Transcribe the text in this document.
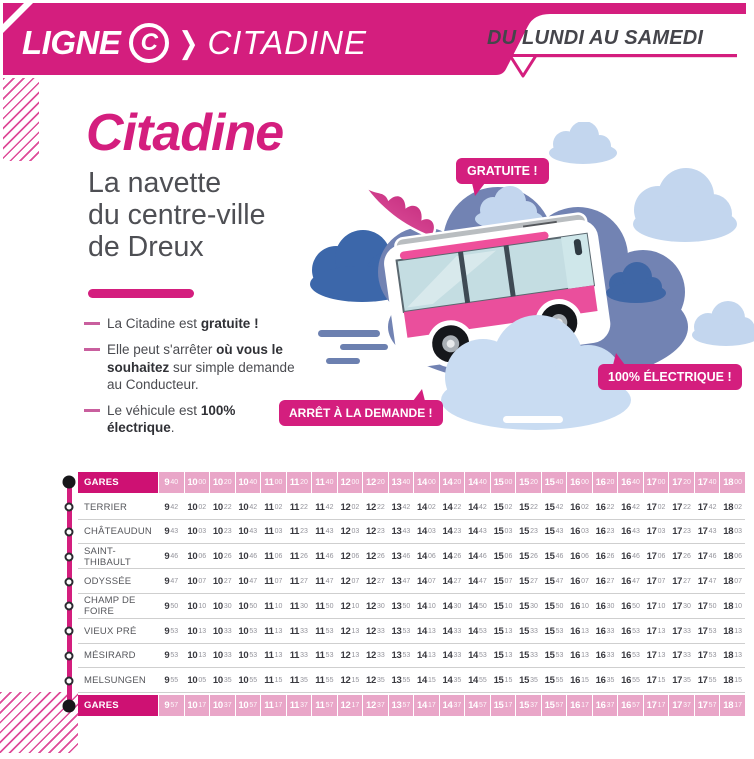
LIGNE C ❯ CITADINE	DU LUNDI AU SAMEDI
Citadine
La navette
du centre-ville
de Dreux
La Citadine est gratuite !
Elle peut s'arrêter où vous le souhaitez sur simple demande au Conducteur.
Le véhicule est 100% électrique.
GRATUITE !
ARRÊT À LA DEMANDE !
100% ÉLECTRIQUE !
GARES	9 40 10 00 10 20 10 40 11 00 11 20 11 40 12 00 12 20 13 40 14 00 14 20 14 40 15 00 15 20 15 40 16 00 16 20 16 40 17 00 17 20 17 40 18 00
TERRIER	9 42 10 02 10 22 10 42 11 02 11 22 11 42 12 02 12 22 13 42 14 02 14 22 14 42 15 02 15 22 15 42 16 02 16 22 16 42 17 02 17 22 17 42 18 02
CHÂTEAUDUN	9 43 10 03 10 23 10 43 11 03 11 23 11 43 12 03 12 23 13 43 14 03 14 23 14 43 15 03 15 23 15 43 16 03 16 23 16 43 17 03 17 23 17 43 18 03
SAINT-THIBAULT	9 46 10 06 10 26 10 46 11 06 11 26 11 46 12 06 12 26 13 46 14 06 14 26 14 46 15 06 15 26 15 46 16 06 16 26 16 46 17 06 17 26 17 46 18 06
ODYSSÉE	9 47 10 07 10 27 10 47 11 07 11 27 11 47 12 07 12 27 13 47 14 07 14 27 14 47 15 07 15 27 15 47 16 07 16 27 16 47 17 07 17 27 17 47 18 07
CHAMP DE FOIRE	9 50 10 10 10 30 10 50 11 10 11 30 11 50 12 10 12 30 13 50 14 10 14 30 14 50 15 10 15 30 15 50 16 10 16 30 16 50 17 10 17 30 17 50 18 10
VIEUX PRÉ	9 53 10 13 10 33 10 53 11 13 11 33 11 53 12 13 12 33 13 53 14 13 14 33 14 53 15 13 15 33 15 53 16 13 16 33 16 53 17 13 17 33 17 53 18 13
MÉSIRARD	9 53 10 13 10 33 10 53 11 13 11 33 11 53 12 13 12 33 13 53 14 13 14 33 14 53 15 13 15 33 15 53 16 13 16 33 16 53 17 13 17 33 17 53 18 13
MELSUNGEN	9 55 10 05 10 35 10 55 11 15 11 35 11 55 12 15 12 35 13 55 14 15 14 35 14 55 15 15 15 35 15 55 16 15 16 35 16 55 17 15 17 35 17 55 18 15
GARES	9 57 10 17 10 37 10 57 11 17 11 37 11 57 12 17 12 37 13 57 14 17 14 37 14 57 15 17 15 37 15 57 16 17 16 37 16 57 17 17 17 37 17 57 18 17
